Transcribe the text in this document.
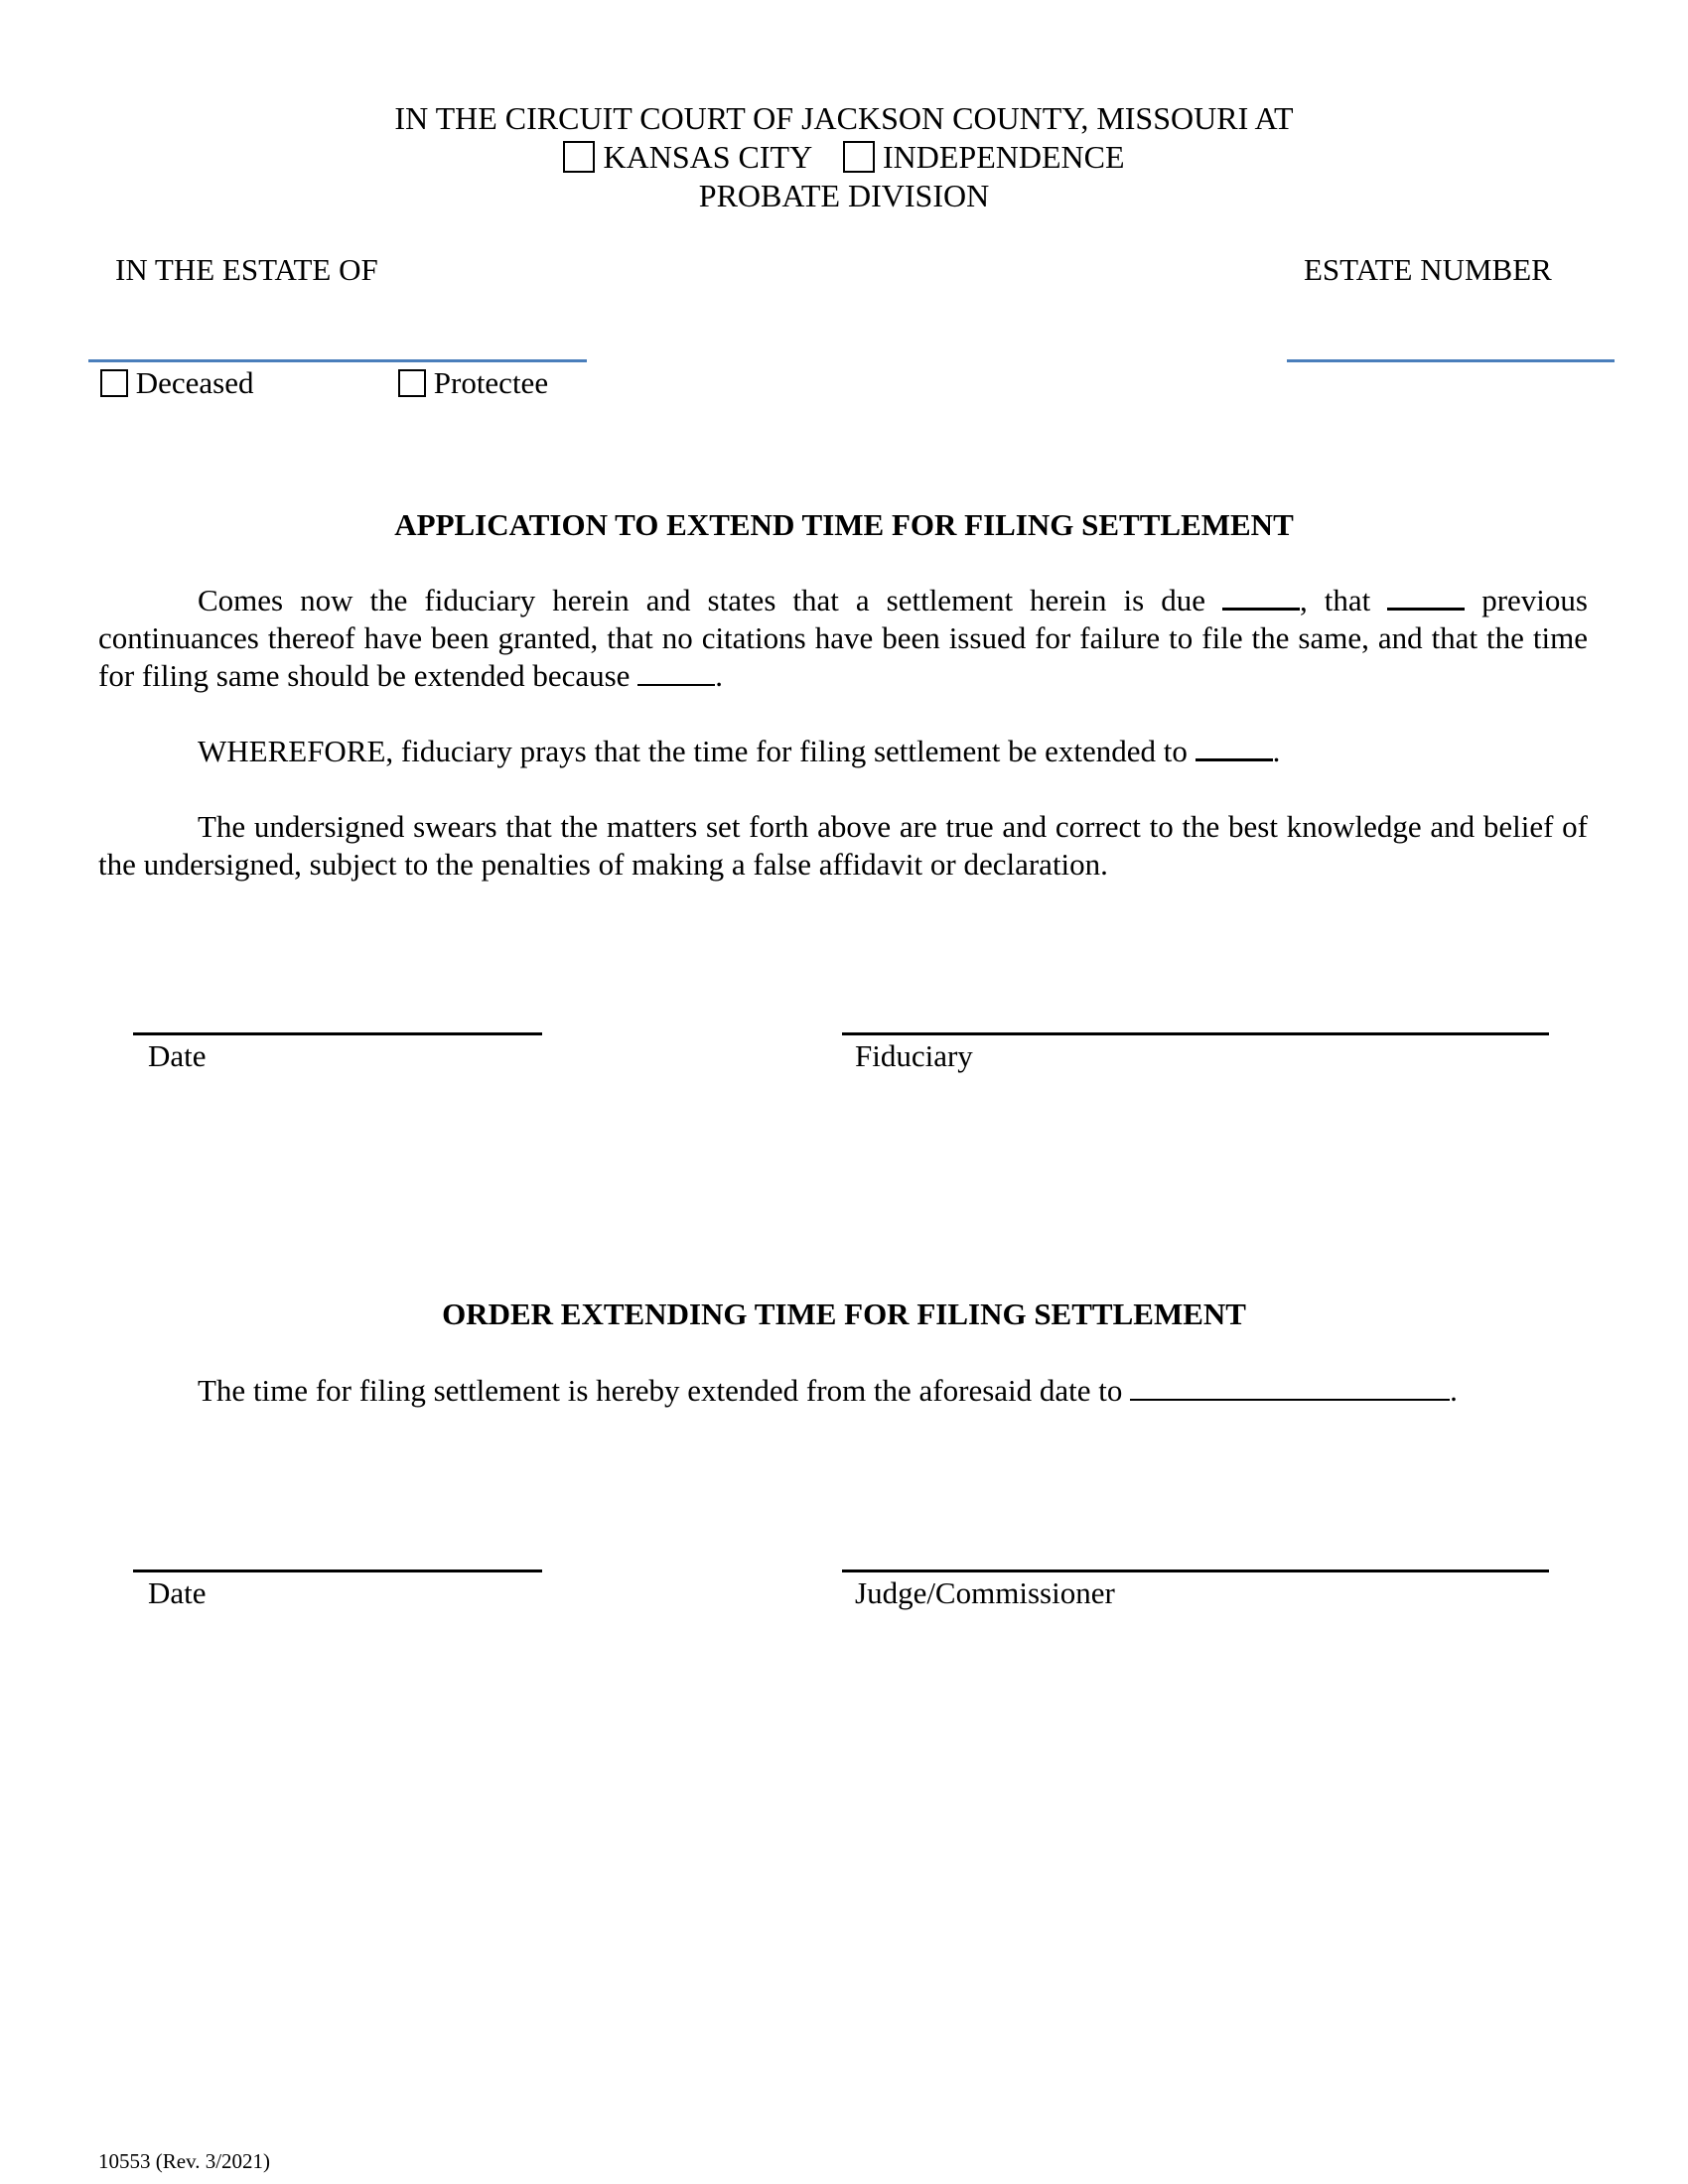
IN THE CIRCUIT COURT OF JACKSON COUNTY, MISSOURI AT
KANSAS CITY INDEPENDENCE
PROBATE DIVISION
IN THE ESTATE OF	ESTATE NUMBER
Deceased	Protectee
APPLICATION TO EXTEND TIME FOR FILING SETTLEMENT
Comes now the fiduciary herein and states that a settlement herein is due	, that	previous continuances thereof have been granted, that no citations have been issued for failure to file the same, and that the time for filing same should be extended because	.
WHEREFORE, fiduciary prays that the time for filing settlement be extended to	.
The undersigned swears that the matters set forth above are true and correct to the best knowledge and belief of the undersigned, subject to the penalties of making a false affidavit or declaration.
Date	Fiduciary
ORDER EXTENDING TIME FOR FILING SETTLEMENT
The time for filing settlement is hereby extended from the aforesaid date to	.
Date	Judge/Commissioner
10553 (Rev. 3/2021)
